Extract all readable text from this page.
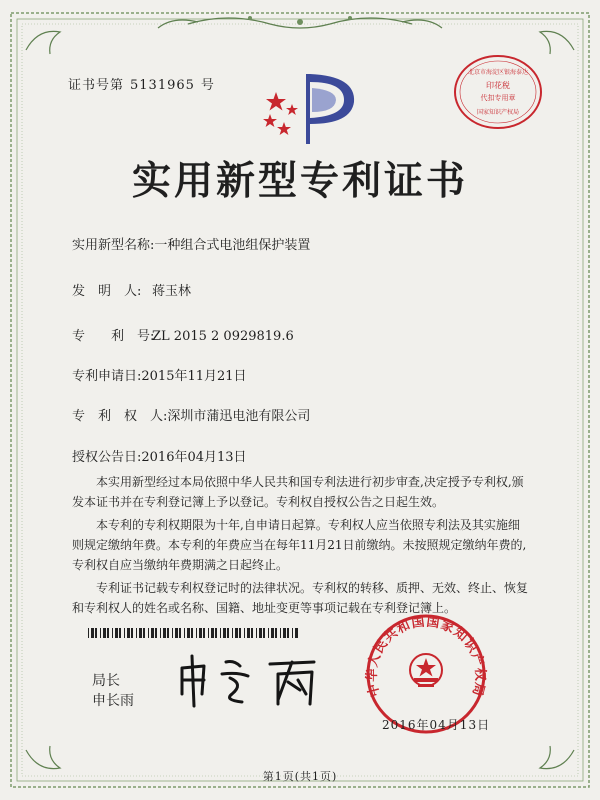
证书号第 5131965 号
北京市海淀区银海泰达
印花税
代扣专用章
国家知识产权局
实用新型专利证书
实用新型名称:一种组合式电池组保护装置
发　明　人: 蒋玉林
专　　利　号:ZL 2015 2 0929819.6
专利申请日:2015年11月21日
专　利　权　人:深圳市蒲迅电池有限公司
授权公告日:2016年04月13日

本实用新型经过本局依照中华人民共和国专利法进行初步审查,决定授予专利权,颁发本证书并在专利登记簿上予以登记。专利权自授权公告之日起生效。

本专利的专利权期限为十年,自申请日起算。专利权人应当依照专利法及其实施细则规定缴纳年费。本专利的年费应当在每年11月21日前缴纳。未按照规定缴纳年费的,专利权自应当缴纳年费期满之日起终止。

专利证书记载专利权登记时的法律状况。专利权的转移、质押、无效、终止、恢复和专利权人的姓名或名称、国籍、地址变更等事项记载在专利登记簿上。

局长
申长雨
中华人民共和国国家知识产权局
2016年04月13日
第1页(共1页)
